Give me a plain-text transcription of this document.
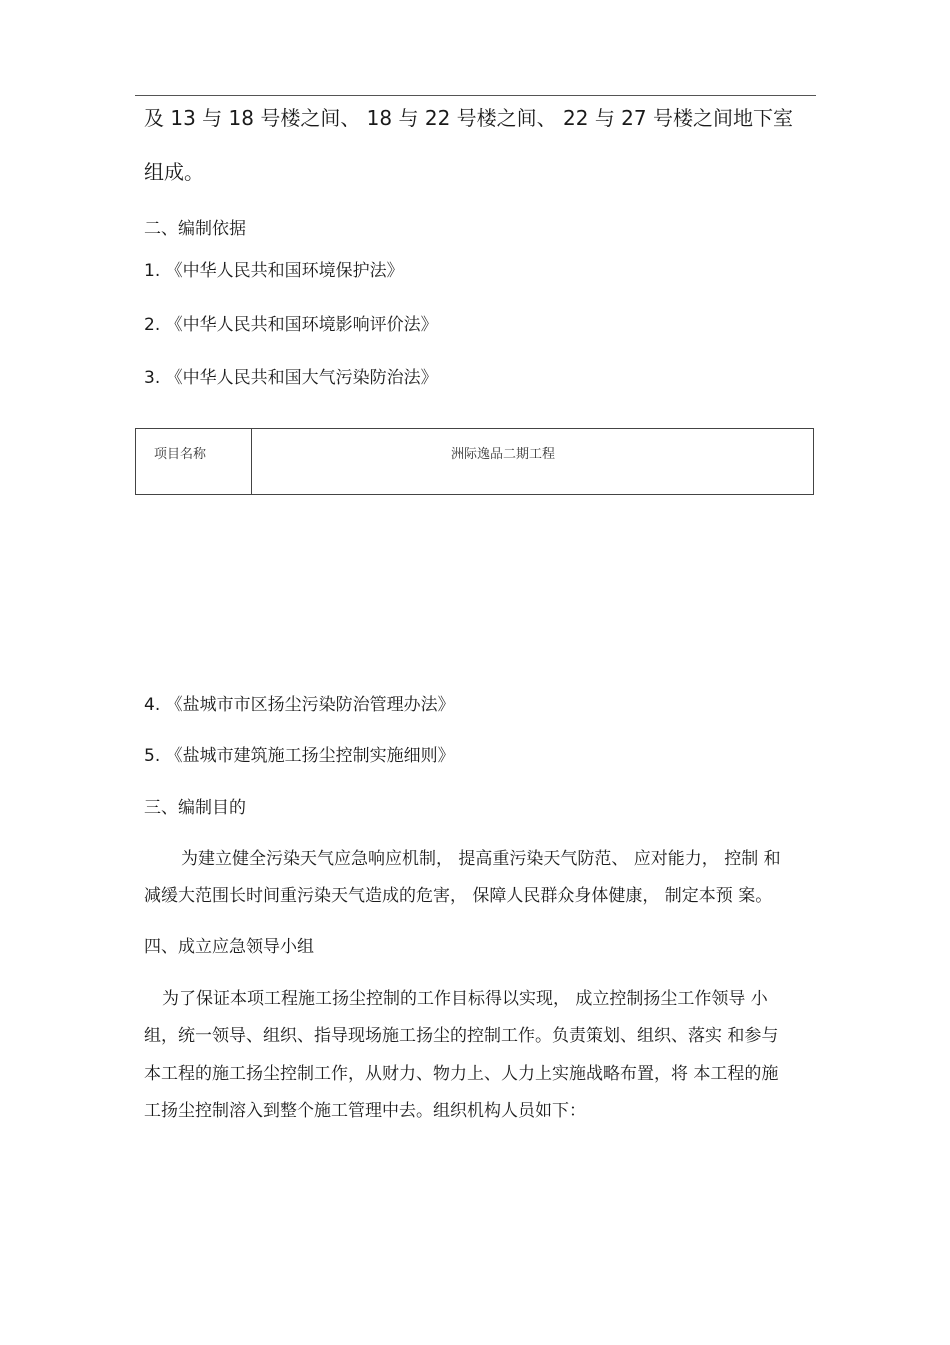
及 13 与 18 号楼之间、 18 与 22 号楼之间、 22 与 27 号楼之间地下室
组成。
二、编制依据
1. 《中华人民共和国环境保护法》
2. 《中华人民共和国环境影响评价法》
3. 《中华人民共和国大气污染防治法》
项目名称	洲际逸品二期工程
4. 《盐城市市区扬尘污染防治管理办法》
5. 《盐城市建筑施工扬尘控制实施细则》
三、编制目的
为建立健全污染天气应急响应机制， 提高重污染天气防范、 应对能力， 控制 和
减缓大范围长时间重污染天气造成的危害， 保障人民群众身体健康， 制定本预 案。
四、成立应急领导小组
为了保证本项工程施工扬尘控制的工作目标得以实现， 成立控制扬尘工作领导 小
组，统一领导、组织、指导现场施工扬尘的控制工作。负责策划、组织、落实 和参与
本工程的施工扬尘控制工作，从财力、物力上、人力上实施战略布置，将 本工程的施
工扬尘控制溶入到整个施工管理中去。组织机构人员如下：
